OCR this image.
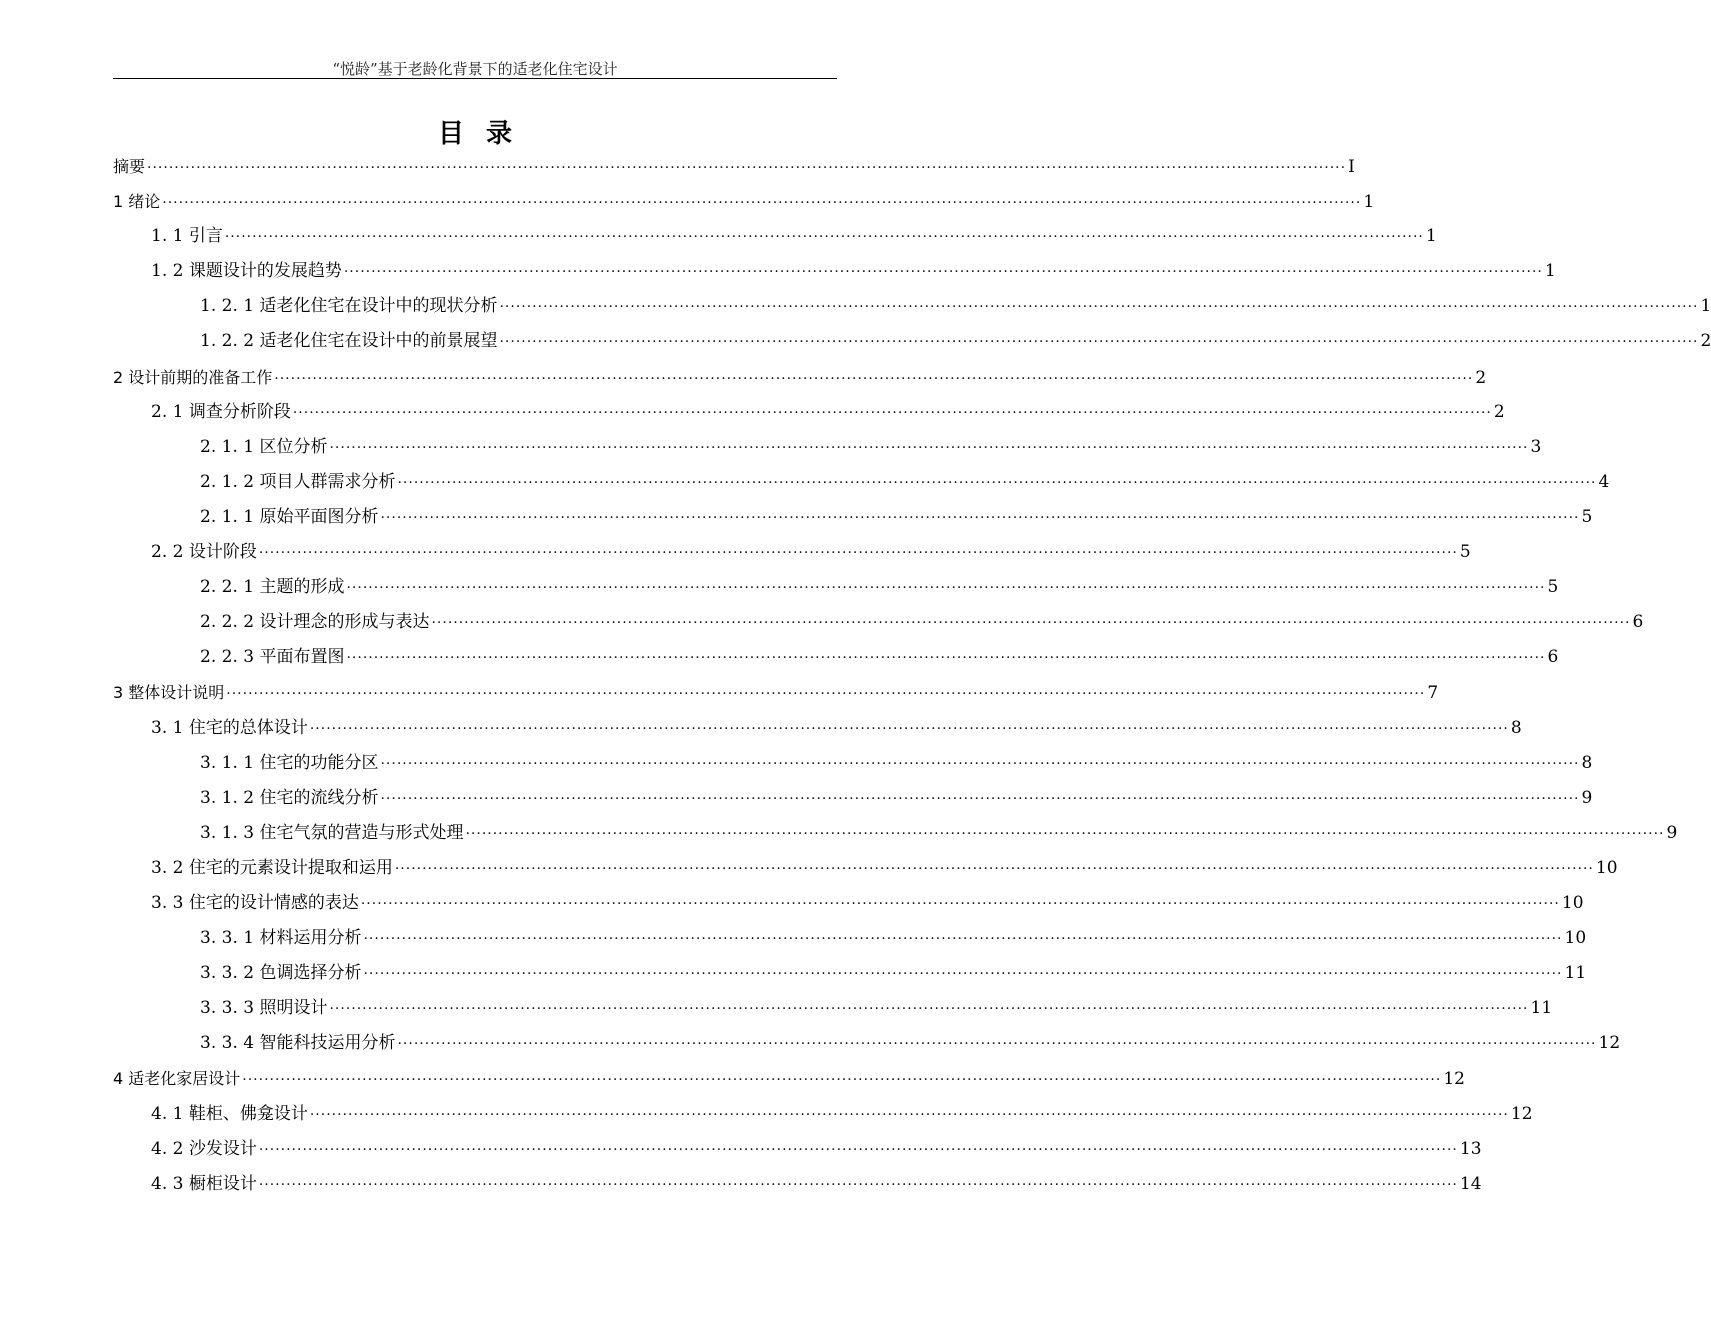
“悦龄”基于老龄化背景下的适老化住宅设计
目录
摘要 ···························································································································································································································· I
1 绪论 ···························································································································································································································· 1
1. 1 引言 ···························································································································································································································· 1
1. 2 课题设计的发展趋势 ···························································································································································································································· 1
1. 2. 1 适老化住宅在设计中的现状分析 ···························································································································································································································· 1
1. 2. 2 适老化住宅在设计中的前景展望 ···························································································································································································································· 2
2 设计前期的准备工作 ···························································································································································································································· 2
2. 1 调查分析阶段 ···························································································································································································································· 2
2. 1. 1 区位分析 ···························································································································································································································· 3
2. 1. 2 项目人群需求分析 ···························································································································································································································· 4
2. 1. 1 原始平面图分析 ···························································································································································································································· 5
2. 2 设计阶段 ···························································································································································································································· 5
2. 2. 1 主题的形成 ···························································································································································································································· 5
2. 2. 2 设计理念的形成与表达 ···························································································································································································································· 6
2. 2. 3 平面布置图 ···························································································································································································································· 6
3 整体设计说明 ···························································································································································································································· 7
3. 1 住宅的总体设计 ···························································································································································································································· 8
3. 1. 1 住宅的功能分区 ···························································································································································································································· 8
3. 1. 2 住宅的流线分析 ···························································································································································································································· 9
3. 1. 3 住宅气氛的营造与形式处理 ···························································································································································································································· 9
3. 2 住宅的元素设计提取和运用 ···························································································································································································································· 10
3. 3 住宅的设计情感的表达 ···························································································································································································································· 10
3. 3. 1 材料运用分析 ···························································································································································································································· 10
3. 3. 2 色调选择分析 ···························································································································································································································· 11
3. 3. 3 照明设计 ···························································································································································································································· 11
3. 3. 4 智能科技运用分析 ···························································································································································································································· 12
4 适老化家居设计 ···························································································································································································································· 12
4. 1 鞋柜、佛龛设计 ···························································································································································································································· 12
4. 2 沙发设计 ···························································································································································································································· 13
4. 3 橱柜设计 ···························································································································································································································· 14
